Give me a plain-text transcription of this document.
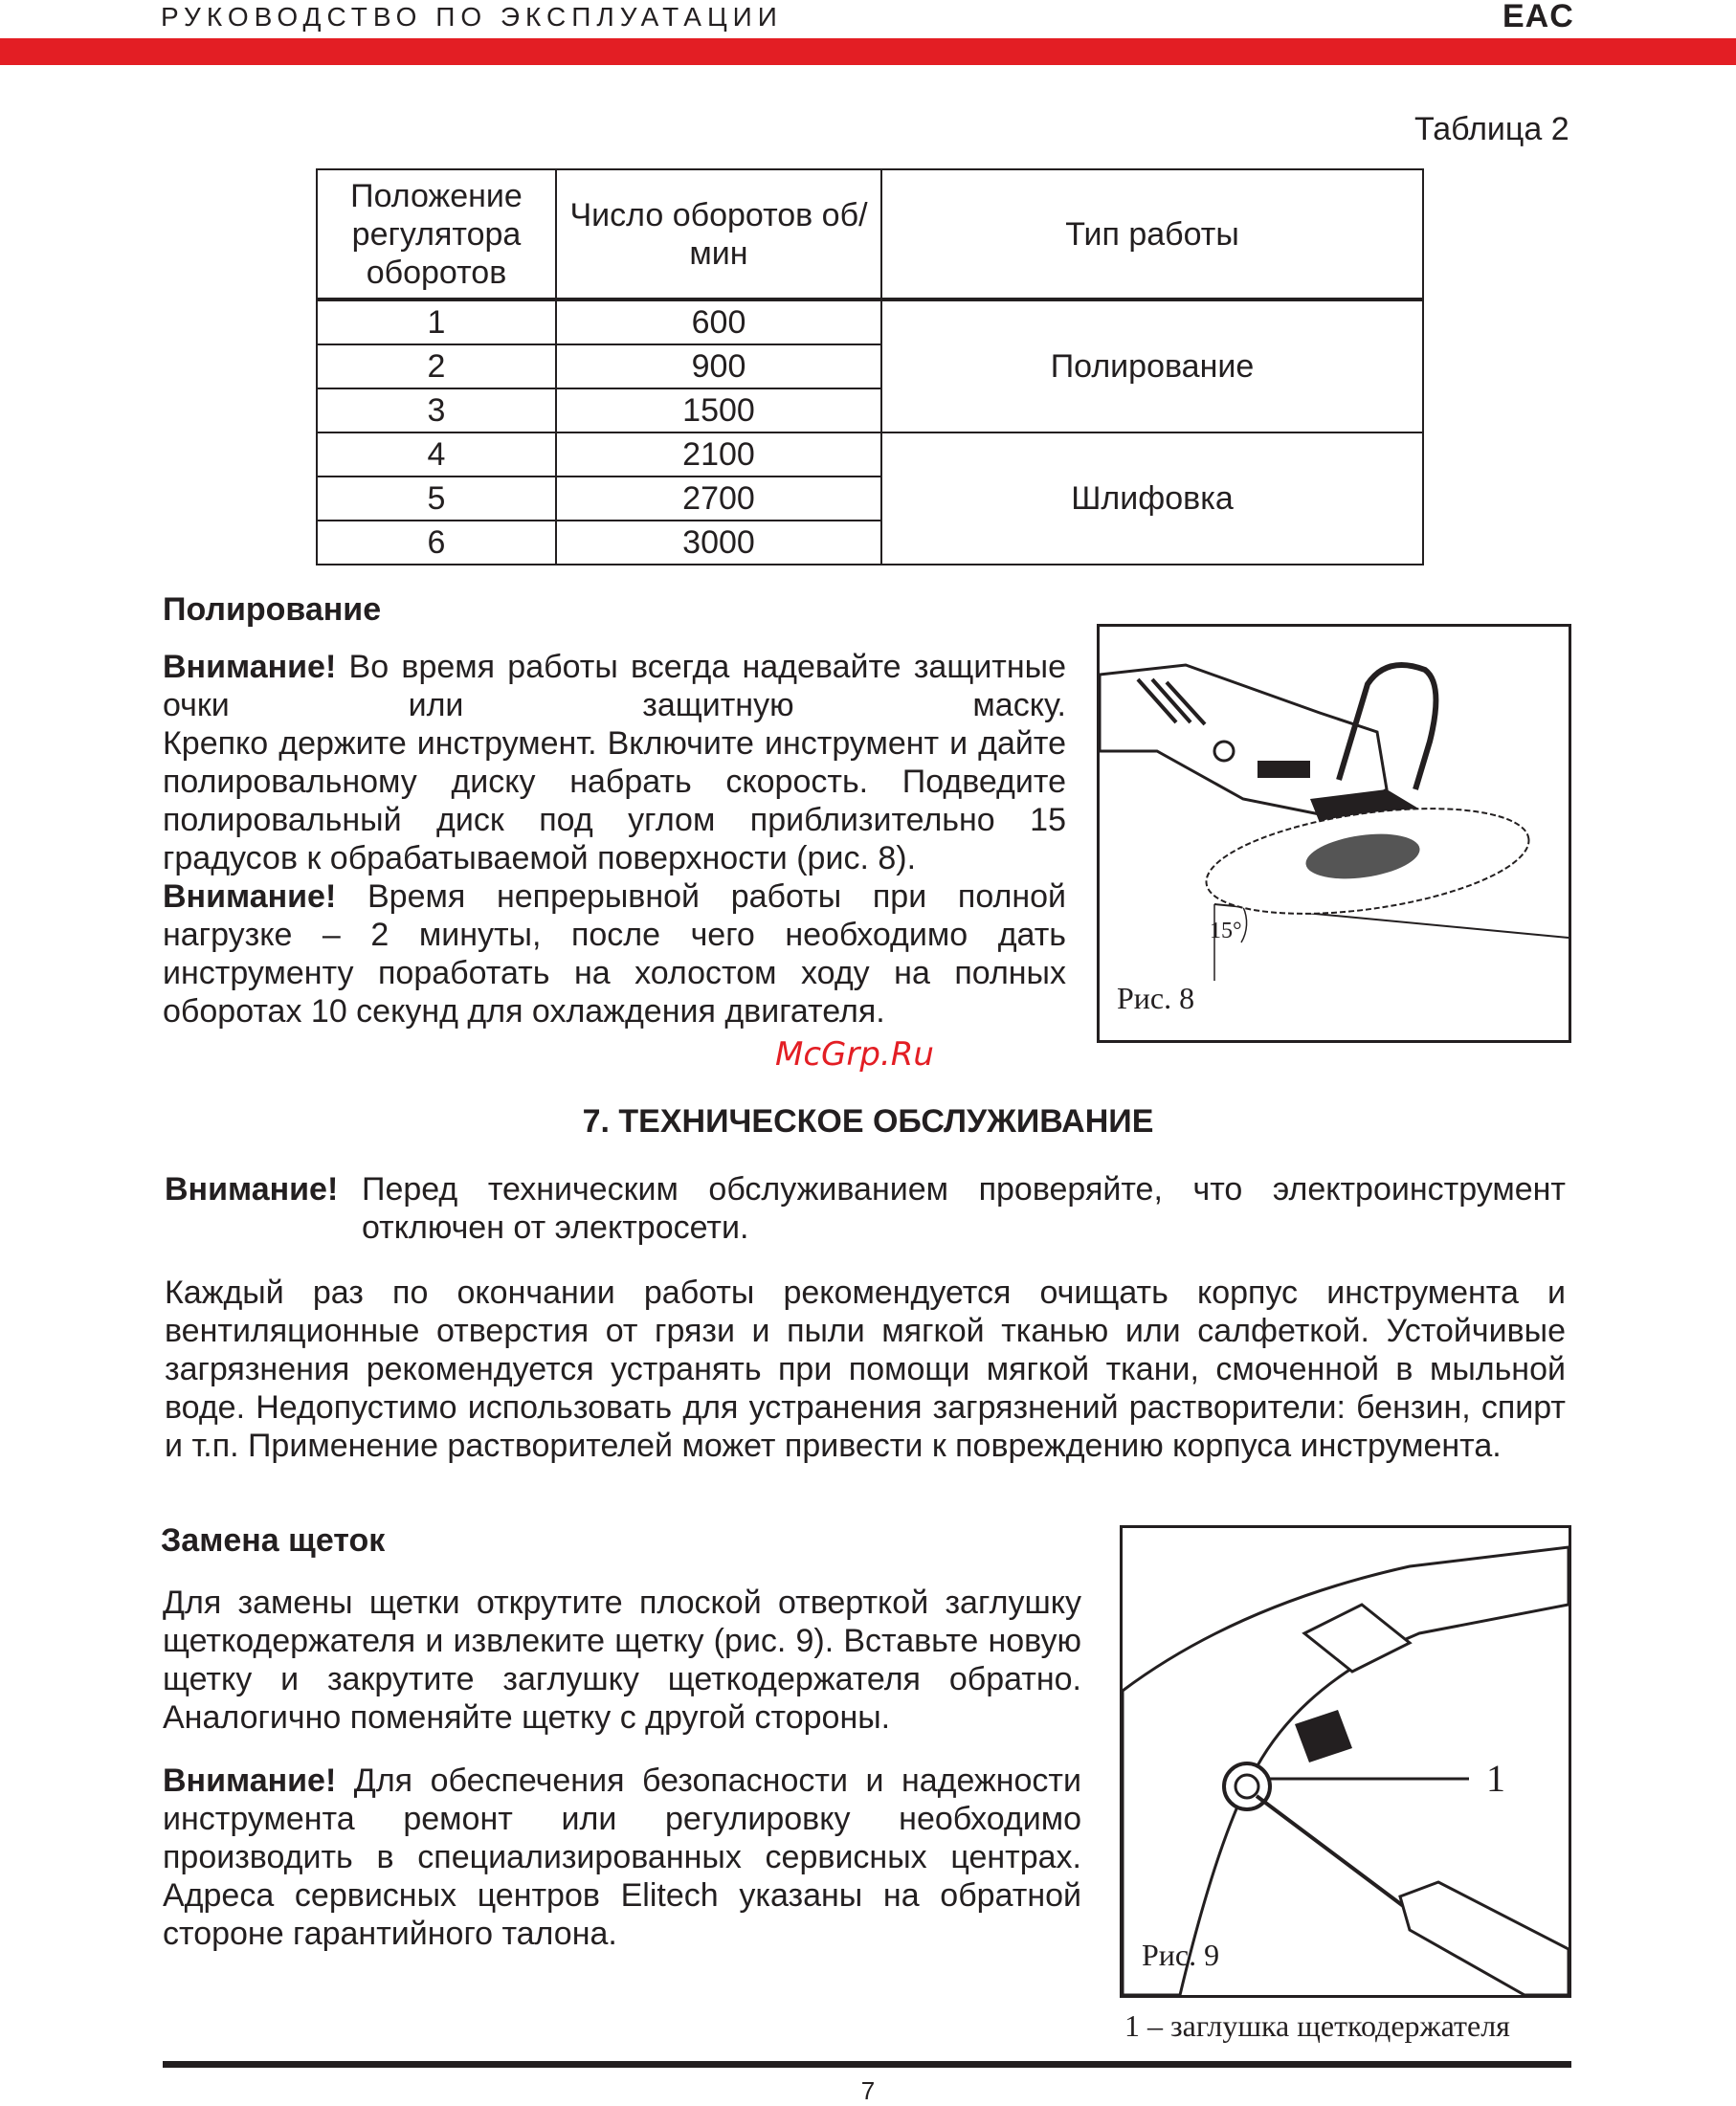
РУКОВОДСТВО ПО ЭКСПЛУАТАЦИИ	EAC
Таблица 2
Положение регулятора оборотов	Число оборотов об/мин	Тип работы
1	600	Полирование
2	900	
3	1500	
4	2100	Шлифовка
5	2700	
6	3000	
Полирование
Внимание! Во время работы всегда надевайте защитные очки или защитную маску.
Крепко держите инструмент. Включите инструмент и дайте полировальному диску набрать скорость. Подведите полировальный диск под углом приблизительно 15 градусов к обрабатываемой поверхности (рис. 8).
Внимание! Время непрерывной работы при полной нагрузке – 2 минуты, после чего необходимо дать инструменту поработать на холостом ходу на полных оборотах 10 секунд для охлаждения двигателя.
McGrp.Ru
15°
Рис. 8
7. ТЕХНИЧЕСКОЕ ОБСЛУЖИВАНИЕ
Внимание! Перед техническим обслуживанием проверяйте, что электроинструмент отключен от электросети.
Каждый раз по окончании работы рекомендуется очищать корпус инструмента и вентиляционные отверстия от грязи и пыли мягкой тканью или салфеткой. Устойчивые загрязнения рекомендуется устранять при помощи мягкой ткани, смоченной в мыльной воде. Недопустимо использовать для устранения загрязнений растворители: бензин, спирт и т.п. Применение растворителей может привести к повреждению корпуса инструмента.
Замена щеток
Для замены щетки открутите плоской отверткой заглушку щеткодержателя и извлеките щетку (рис. 9). Вставьте новую щетку и закрутите заглушку щеткодержателя обратно. Аналогично поменяйте щетку с другой стороны.
Внимание! Для обеспечения безопасности и надежности инструмента ремонт или регулировку необходимо производить в специализированных сервисных центрах. Адреса сервисных центров Elitech указаны на обратной стороне гарантийного талона.
1
Рис. 9
1 – заглушка щеткодержателя
7
